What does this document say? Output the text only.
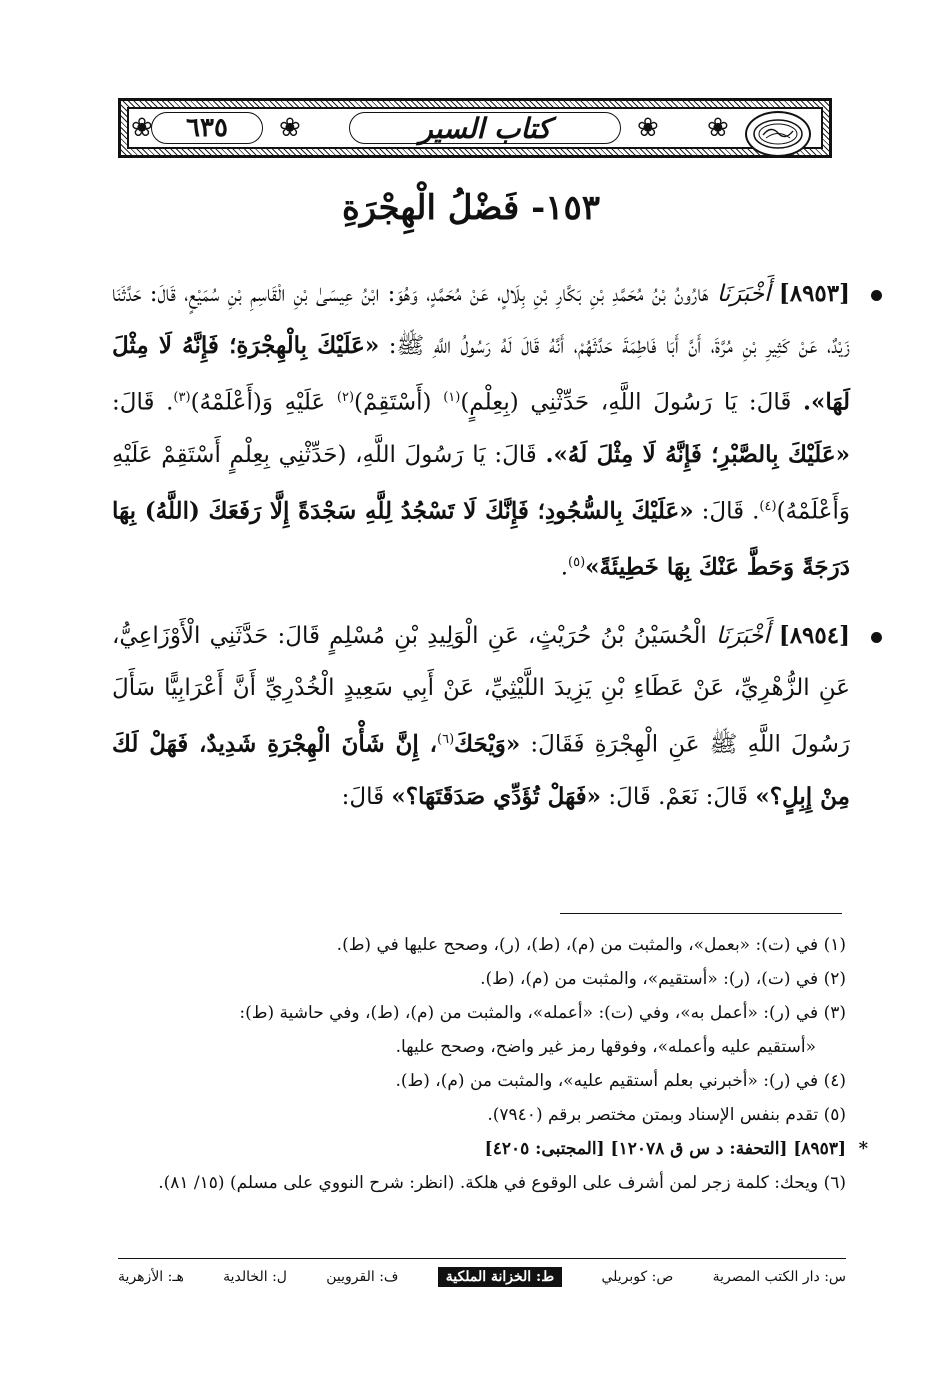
كتاب السير
٦٣٥ ❀	❀ ❀
❀
١٥٣- فَضْلُ الْهِجْرَةِ

[٨٩٥٣] أَخْبَرَنَا هَارُونُ بْنُ مُحَمَّدِ بْنِ بَكَّارِ بْنِ بِلَالٍ، عَنْ مُحَمَّدٍ، وَهُوَ: ابْنُ عِيسَىٰ بْنِ الْقَاسِمِ بْنِ سُمَيْعٍ، قَالَ: حَدَّثَنَا زَيْدٌ، عَنْ كَثِيرِ بْنِ مُرَّةَ، أَنَّ أَبَا فَاطِمَةَ حَدَّثَهُمْ، أَنَّهُ قَالَ لَهُ رَسُولُ اللَّهِ ﷺ: «عَلَيْكَ بِالْهِجْرَةِ؛ فَإِنَّهُ لَا مِثْلَ لَهَا». قَالَ: يَا رَسُولَ اللَّهِ، حَدِّثْنِي (بِعِلْمٍ)$^{(١)}$ (أَسْتَقِمْ)$^{(٢)}$ عَلَيْهِ وَ(أَعْلَمْهُ)$^{(٣)}$. قَالَ: «عَلَيْكَ بِالصَّبْرِ؛ فَإِنَّهُ لَا مِثْلَ لَهُ». قَالَ: يَا رَسُولَ اللَّهِ، (حَدِّثْنِي بِعِلْمٍ أَسْتَقِمْ عَلَيْهِ وَأَعْلَمْهُ)$^{(٤)}$. قَالَ: «عَلَيْكَ بِالسُّجُودِ؛ فَإِنَّكَ لَا تَسْجُدُ لِلَّهِ سَجْدَةً إِلَّا رَفَعَكَ (اللَّهُ) بِهَا دَرَجَةً وَحَطَّ عَنْكَ بِهَا خَطِيئَةً»$^{(٥)}$.

[٨٩٥٤] أَخْبَرَنَا الْحُسَيْنُ بْنُ حُرَيْثٍ، عَنِ الْوَلِيدِ بْنِ مُسْلِمٍ قَالَ: حَدَّثَنِي الْأَوْزَاعِيُّ، عَنِ الزُّهْرِيِّ، عَنْ عَطَاءِ بْنِ يَزِيدَ اللَّيْثِيِّ، عَنْ أَبِي سَعِيدٍ الْخُدْرِيِّ أَنَّ أَعْرَابِيًّا سَأَلَ رَسُولَ اللَّهِ ﷺ عَنِ الْهِجْرَةِ فَقَالَ: «وَيْحَكَ$^{(٦)}$، إِنَّ شَأْنَ الْهِجْرَةِ شَدِيدٌ، فَهَلْ لَكَ مِنْ إِبِلٍ؟» قَالَ: نَعَمْ. قَالَ: «فَهَلْ تُؤَدِّي صَدَقَتَهَا؟» قَالَ:

(١) في (ت): «بعمل»، والمثبت من (م)، (ط)، (ر)، وصحح عليها في (ط).

(٢) في (ت)، (ر): «أستقيم»، والمثبت من (م)، (ط).

(٣) في (ر): «أعمل به»، وفي (ت): «أعمله»، والمثبت من (م)، (ط)، وفي حاشية (ط):

«أستقيم عليه وأعمله»، وفوقها رمز غير واضح، وصحح عليها.

(٤) في (ر): «أخبرني بعلم أستقيم عليه»، والمثبت من (م)، (ط).

(٥) تقدم بنفس الإسناد وبمتن مختصر برقم (٧٩٤٠).

*
[٨٩٥٣] [التحفة: د س ق ١٢٠٧٨] [المجتبى: ٤٢٠٥]

(٦) ويحك: كلمة زجر لمن أشرف على الوقوع في هلكة. (انظر: شرح النووي على مسلم) (١٥/ ٨١).

س: دار الكتب المصرية
ص: كوبريلي
ط: الخزانة الملكية
ف: القرويين
ل: الخالدية
هـ: الأزهرية
